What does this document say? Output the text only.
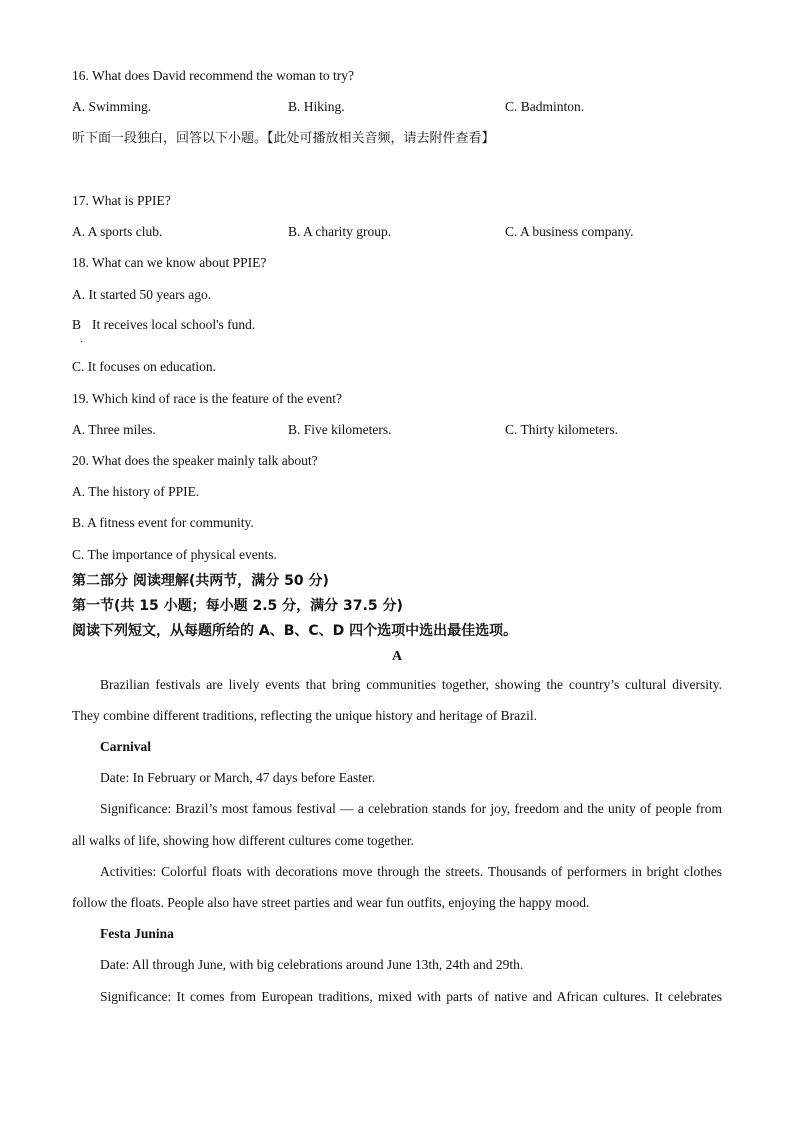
16. What does David recommend the woman to try?
A. Swimming.	B. Hiking.	C. Badminton.
听下面一段独白，回答以下小题。【此处可播放相关音频，请去附件查看】
17. What is PPIE?
A. A sports club.	B. A charity group.	C. A business company.
18. What can we know about PPIE?
A. It started 50 years ago.
B It receives local school's fund.
·
C. It focuses on education.
19. Which kind of race is the feature of the event?
A. Three miles.	B. Five kilometers.	C. Thirty kilometers.
20. What does the speaker mainly talk about?
A. The history of PPIE.
B. A fitness event for community.
C. The importance of physical events.
第二部分 阅读理解(共两节，满分 50 分)
第一节(共 15 小题；每小题 2.5 分，满分 37.5 分)
阅读下列短文，从每题所给的 A、B、C、D 四个选项中选出最佳选项。
A
Brazilian festivals are lively events that bring communities together, showing the country’s cultural diversity.
They combine different traditions, reflecting the unique history and heritage of Brazil.
Carnival
Date: In February or March, 47 days before Easter.
Significance: Brazil’s most famous festival — a celebration stands for joy, freedom and the unity of people from
all walks of life, showing how different cultures come together.
Activities: Colorful floats with decorations move through the streets. Thousands of performers in bright clothes
follow the floats. People also have street parties and wear fun outfits, enjoying the happy mood.
Festa Junina
Date: All through June, with big celebrations around June 13th, 24th and 29th.
Significance: It comes from European traditions, mixed with parts of native and African cultures. It celebrates
